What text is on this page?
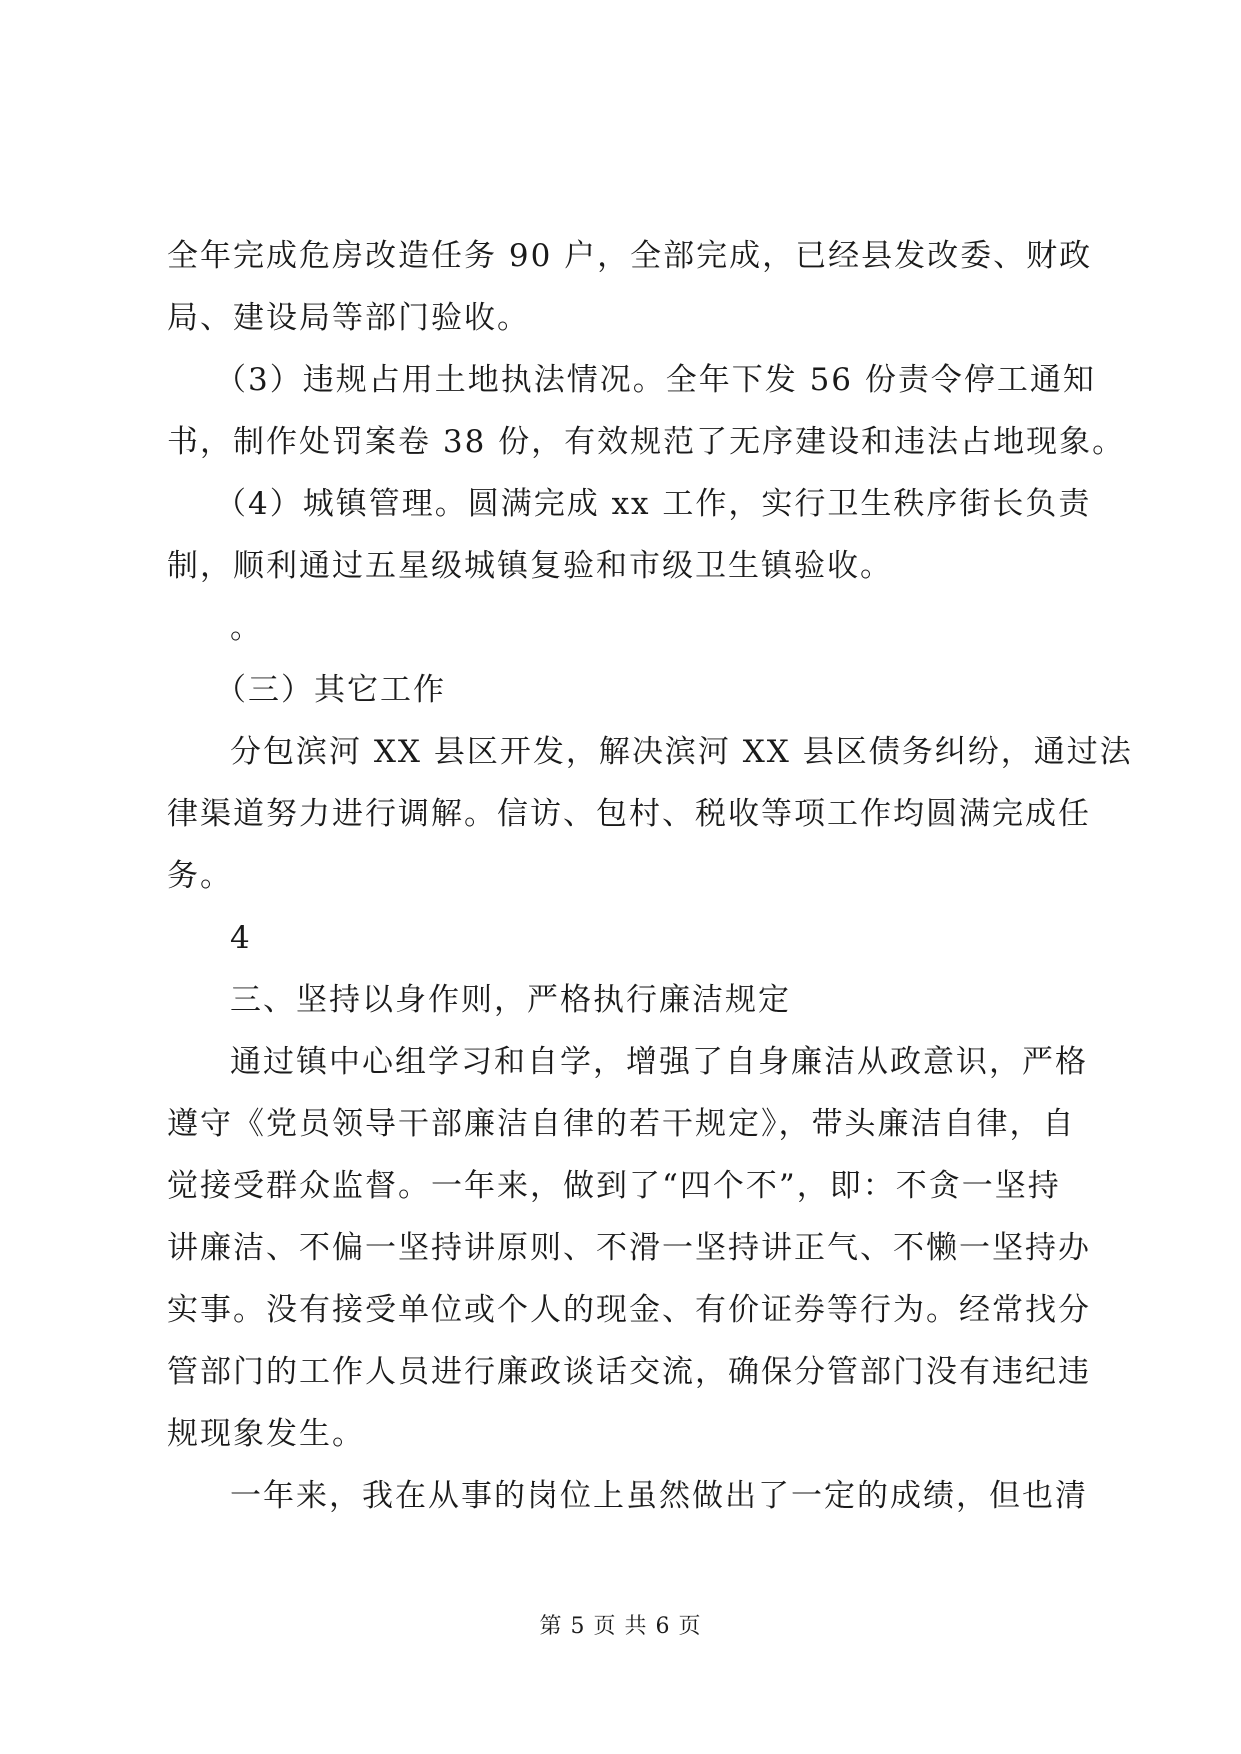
全年完成危房改造任务 90 户，全部完成，已经县发改委、财政
局、建设局等部门验收。
（3）违规占用土地执法情况。全年下发 56 份责令停工通知
书，制作处罚案卷 38 份，有效规范了无序建设和违法占地现象。
（4）城镇管理。圆满完成 xx 工作，实行卫生秩序街长负责
制，顺利通过五星级城镇复验和市级卫生镇验收。
。
（三）其它工作
分包滨河 XX 县区开发，解决滨河 XX 县区债务纠纷，通过法
律渠道努力进行调解。信访、包村、税收等项工作均圆满完成任
务。
4
三、坚持以身作则，严格执行廉洁规定
通过镇中心组学习和自学，增强了自身廉洁从政意识，严格
遵守《党员领导干部廉洁自律的若干规定》，带头廉洁自律，自
觉接受群众监督。一年来，做到了“四个不”，即：不贪一坚持
讲廉洁、不偏一坚持讲原则、不滑一坚持讲正气、不懒一坚持办
实事。没有接受单位或个人的现金、有价证券等行为。经常找分
管部门的工作人员进行廉政谈话交流，确保分管部门没有违纪违
规现象发生。
一年来，我在从事的岗位上虽然做出了一定的成绩，但也清
第 5 页 共 6 页
